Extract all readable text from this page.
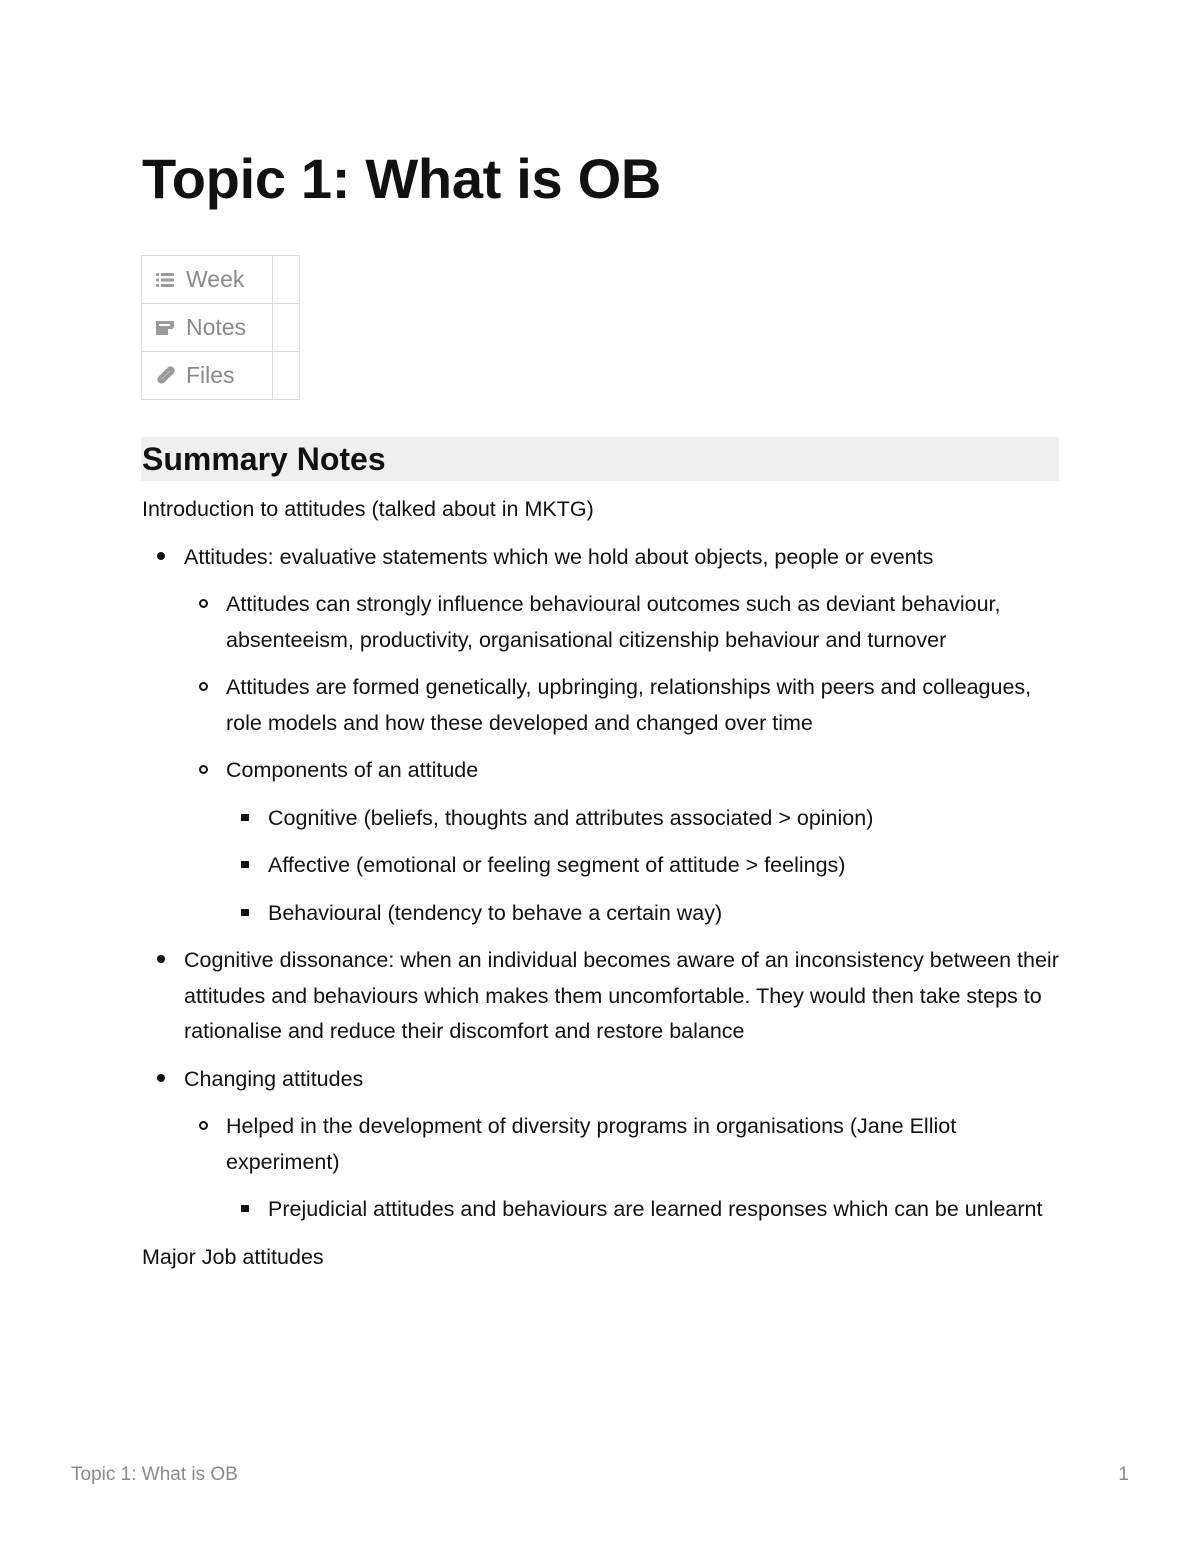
Topic 1: What is OB
Week	

Notes	

Files	

Summary Notes

Introduction to attitudes (talked about in MKTG)

Attitudes: evaluative statements which we hold about objects, people or events
Attitudes can strongly influence behavioural outcomes such as deviant behaviour, absenteeism, productivity, organisational citizenship behaviour and turnover
Attitudes are formed genetically, upbringing, relationships with peers and colleagues, role models and how these developed and changed over time
Components of an attitude
Cognitive (beliefs, thoughts and attributes associated > opinion)
Affective (emotional or feeling segment of attitude > feelings)
Behavioural (tendency to behave a certain way)
Cognitive dissonance: when an individual becomes aware of an inconsistency between their attitudes and behaviours which makes them uncomfortable. They would then take steps to rationalise and reduce their discomfort and restore balance
Changing attitudes
Helped in the development of diversity programs in organisations (Jane Elliot experiment)
Prejudicial attitudes and behaviours are learned responses which can be unlearnt

Major Job attitudes

Topic 1: What is OB	1
